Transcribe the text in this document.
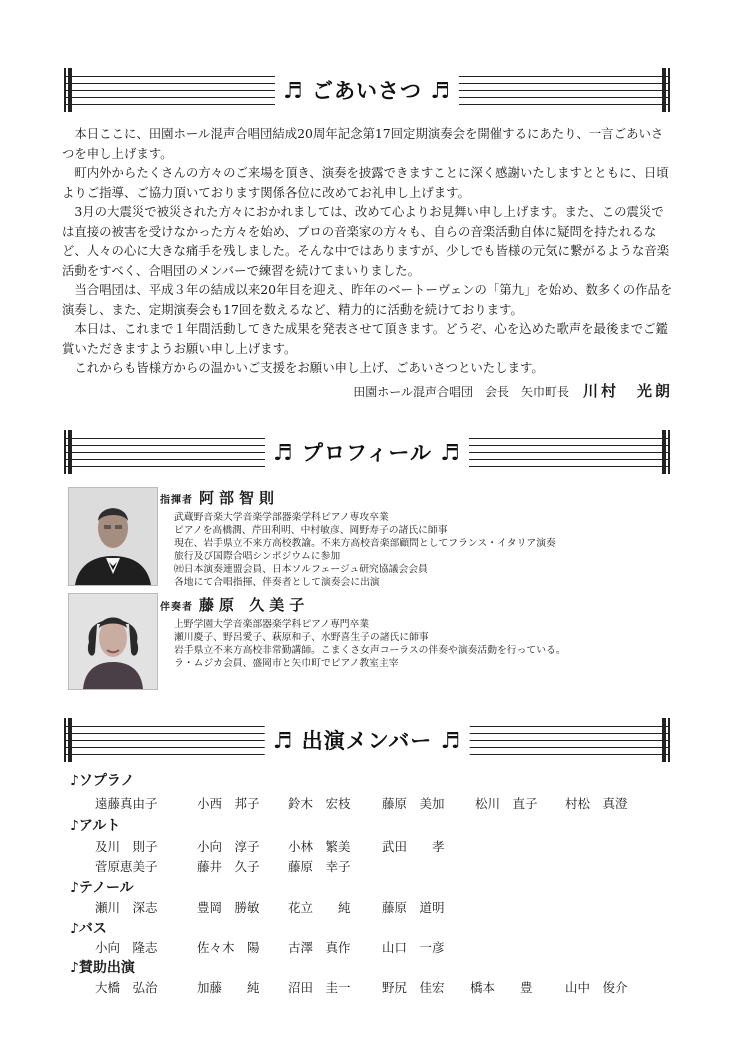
♬ ごあいさつ ♬

本日ここに、田園ホール混声合唱団結成20周年記念第17回定期演奏会を開催するにあたり、一言ごあいさつを申し上げます。

町内外からたくさんの方々のご来場を頂き、演奏を披露できますことに深く感謝いたしますとともに、日頃よりご指導、ご協力頂いております関係各位に改めてお礼申し上げます。

3月の大震災で被災された方々におかれましては、改めて心よりお見舞い申し上げます。また、この震災では直接の被害を受けなかった方々を始め、プロの音楽家の方々も、自らの音楽活動自体に疑問を持たれるなど、人々の心に大きな痛手を残しました。そんな中ではありますが、少しでも皆様の元気に繋がるような音楽活動をすべく、合唱団のメンバーで練習を続けてまいりました。

当合唱団は、平成３年の結成以来20年目を迎え、昨年のベートーヴェンの「第九」を始め、数多くの作品を演奏し、また、定期演奏会も17回を数えるなど、精力的に活動を続けております。

本日は、これまで１年間活動してきた成果を発表させて頂きます。どうぞ、心を込めた歌声を最後までご鑑賞いただきますようお願い申し上げます。

これからも皆様方からの温かいご支援をお願い申し上げ、ごあいさつといたします。

田園ホール混声合唱団　会長　矢巾町長 川村　光朗
♬ プロフィール ♬
指揮者 阿部智則
武蔵野音楽大学音楽学部器楽学科ピアノ専攻卒業
ピアノを高橋潤、芹田利明、中村敏彦、岡野寿子の諸氏に師事
現在、岩手県立不来方高校教諭。不来方高校音楽部顧問としてフランス・イタリア演奏
旅行及び国際合唱シンポジウムに参加
㈳日本演奏連盟会員、日本ソルフェージュ研究協議会会員
各地にて合唱指揮、伴奏者として演奏会に出演
伴奏者 藤原 久美子
上野学園大学音楽部器楽学科ピアノ専門卒業
瀬川慶子、野呂愛子、萩原和子、水野喜生子の諸氏に師事
岩手県立不来方高校非常勤講師。こまくさ女声コーラスの伴奏や演奏活動を行っている。
ラ・ムジカ会員、盛岡市と矢巾町でピアノ教室主宰
♬ 出演メンバー ♬
♪ソプラノ
遠藤真由子	小西　邦子 鈴木　宏枝	藤原　美加 松川　直子 村松　真澄
♪アルト
及川　則子	小向　淳子 小林　繁美	武田　　孝
菅原恵美子	藤井　久子 藤原　幸子
♪テノール
瀬川　深志	豊岡　勝敏 花立　　純	藤原　道明
♪バス
小向　隆志	佐々木　陽 古澤　真作	山口　一彦
♪賛助出演
大橋　弘治	加藤　　純 沼田　圭一	野尻　佳宏 橋本　　豊	山中　俊介
